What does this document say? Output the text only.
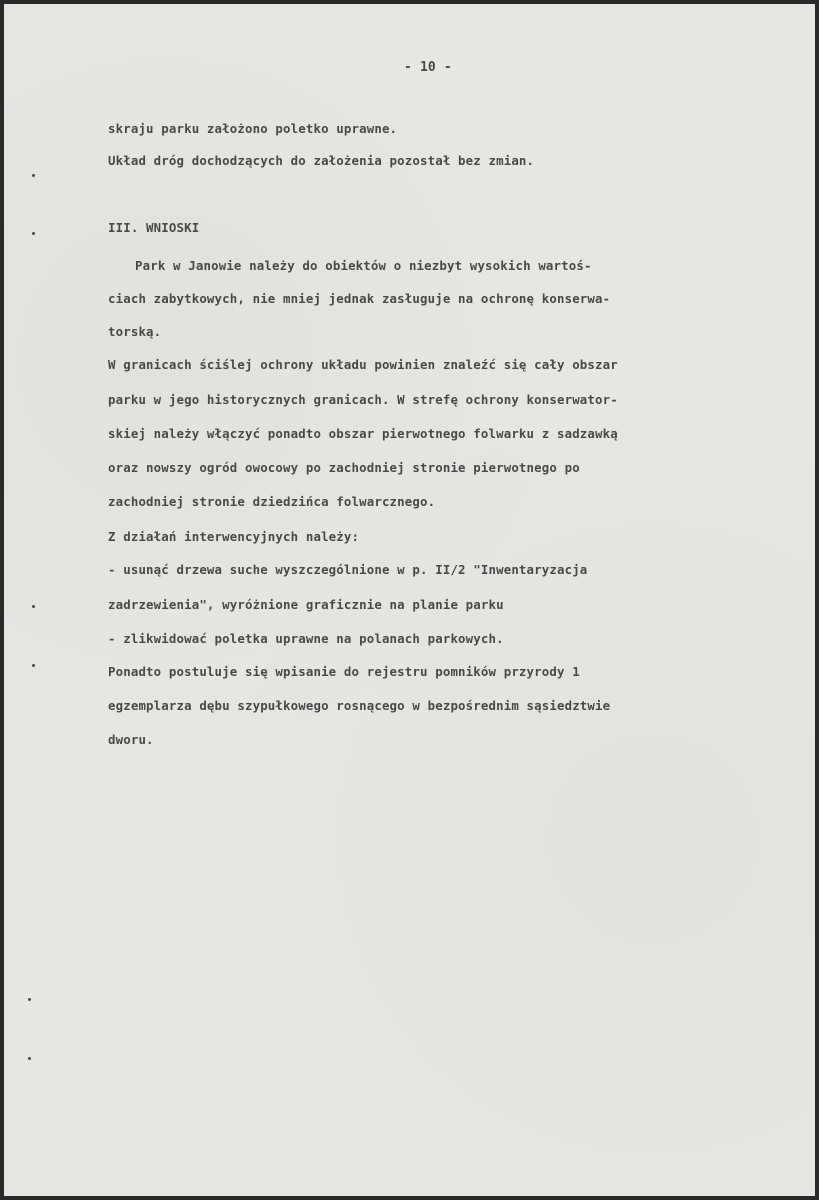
- 10 -
skraju parku założono poletko uprawne.
Układ dróg dochodzących do założenia pozostał bez zmian.
III. WNIOSKI
Park w Janowie należy do obiektów o niezbyt wysokich wartoś-
ciach zabytkowych, nie mniej jednak zasługuje na ochronę konserwa-
torską.
W granicach ściślej ochrony układu powinien znaleźć się cały obszar
parku w jego historycznych granicach. W strefę ochrony konserwator-
skiej należy włączyć ponadto obszar pierwotnego folwarku z sadzawką
oraz nowszy ogród owocowy po zachodniej stronie pierwotnego po
zachodniej stronie dziedzińca folwarcznego.
Z działań interwencyjnych należy:
- usunąć drzewa suche wyszczególnione w p. II/2 "Inwentaryzacja
zadrzewienia", wyróżnione graficznie na planie parku
- zlikwidować poletka uprawne na polanach parkowych.
Ponadto postuluje się wpisanie do rejestru pomników przyrody 1
egzemplarza dębu szypułkowego rosnącego w bezpośrednim sąsiedztwie
dworu.
